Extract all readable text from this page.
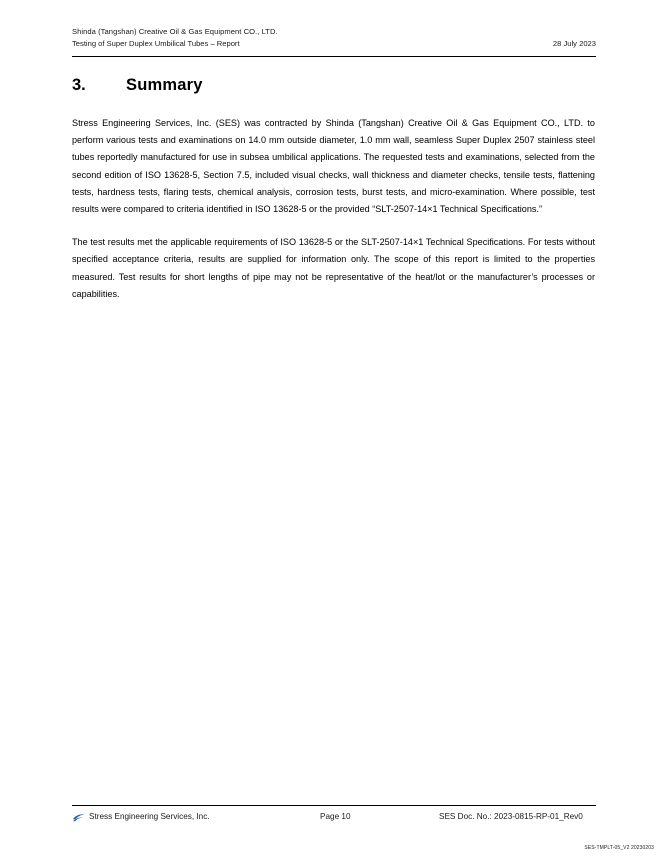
Shinda (Tangshan) Creative Oil & Gas Equipment CO., LTD.
Testing of Super Duplex Umbilical Tubes – Report	28 July 2023
3.	Summary

Stress Engineering Services, Inc. (SES) was contracted by Shinda (Tangshan) Creative Oil & Gas Equipment CO., LTD. to perform various tests and examinations on 14.0 mm outside diameter, 1.0 mm wall, seamless Super Duplex 2507 stainless steel tubes reportedly manufactured for use in subsea umbilical applications. The requested tests and examinations, selected from the second edition of ISO 13628-5, Section 7.5, included visual checks, wall thickness and diameter checks, tensile tests, flattening tests, hardness tests, flaring tests, chemical analysis, corrosion tests, burst tests, and micro-examination. Where possible, test results were compared to criteria identified in ISO 13628-5 or the provided “SLT-2507-14×1 Technical Specifications.”

The test results met the applicable requirements of ISO 13628-5 or the SLT-2507-14×1 Technical Specifications. For tests without specified acceptance criteria, results are supplied for information only. The scope of this report is limited to the properties measured. Test results for short lengths of pipe may not be representative of the heat/lot or the manufacturer’s processes or capabilities.

Stress Engineering Services, Inc.	Page 10	SES Doc. No.: 2023-0815-RP-01_Rev0
SES-TMPLT-05_V2 20230203
